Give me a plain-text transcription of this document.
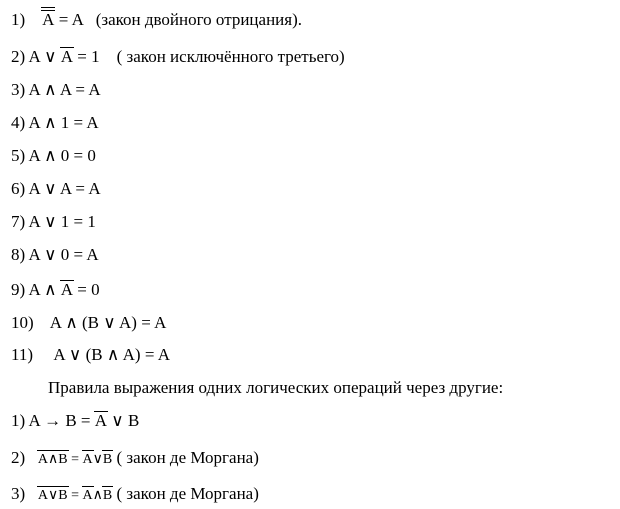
1) A = A   (закон двойного отрицания).
2) A ∨ A = 1    ( закон исключённого третьего)
3) A ∧ A = A
4) A ∧ 1 = A
5) A ∧ 0 = 0
6) A ∨ A = A
7) A ∨ 1 = 1
8) A ∨ 0 = A
9) A ∧ A = 0
10) A ∧ (B ∨ A) = A
11) A ∨ (B ∧ A) = A
Правила выражения одних логических операций через другие:
1) A → B = A ∨ B
2) A∧B = A∨B ( закон де Моргана)
3) A∨B = A∧B ( закон де Моргана)
